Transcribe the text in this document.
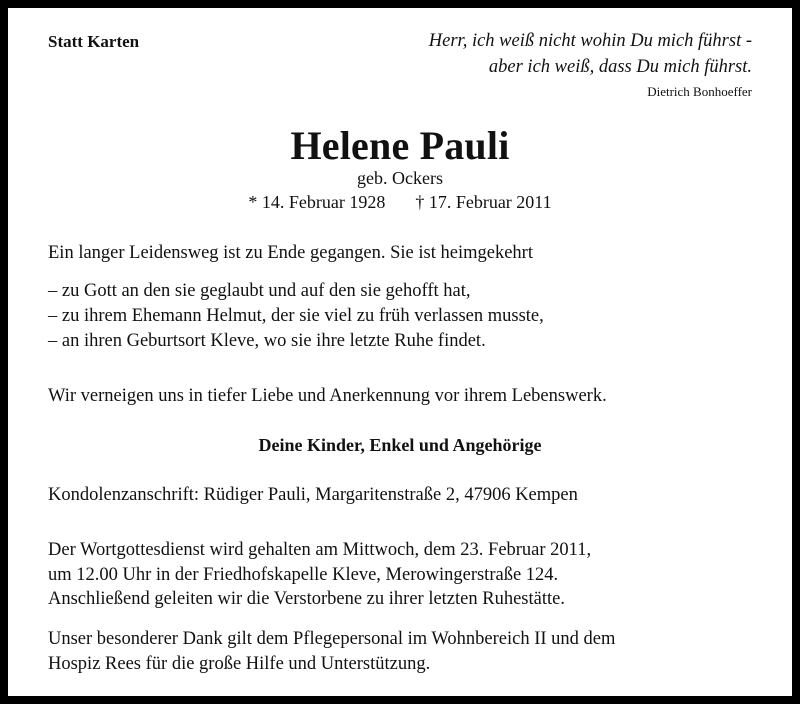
Statt Karten	Herr, ich weiß nicht wohin Du mich führst -
aber ich weiß, dass Du mich führst.
Dietrich Bonhoeffer
Helene Pauli
geb. Ockers
* 14. Februar 1928 † 17. Februar 2011
Ein langer Leidensweg ist zu Ende gegangen. Sie ist heimgekehrt
– zu Gott an den sie geglaubt und auf den sie gehofft hat,
– zu ihrem Ehemann Helmut, der sie viel zu früh verlassen musste,
– an ihren Geburtsort Kleve, wo sie ihre letzte Ruhe findet.
Wir verneigen uns in tiefer Liebe und Anerkennung vor ihrem Lebenswerk.
Deine Kinder, Enkel und Angehörige
Kondolenzanschrift: Rüdiger Pauli, Margaritenstraße 2, 47906 Kempen
Der Wortgottesdienst wird gehalten am Mittwoch, dem 23. Februar 2011,
um 12.00 Uhr in der Friedhofskapelle Kleve, Merowingerstraße 124.
Anschließend geleiten wir die Verstorbene zu ihrer letzten Ruhestätte.
Unser besonderer Dank gilt dem Pflegepersonal im Wohnbereich II und dem
Hospiz Rees für die große Hilfe und Unterstützung.
